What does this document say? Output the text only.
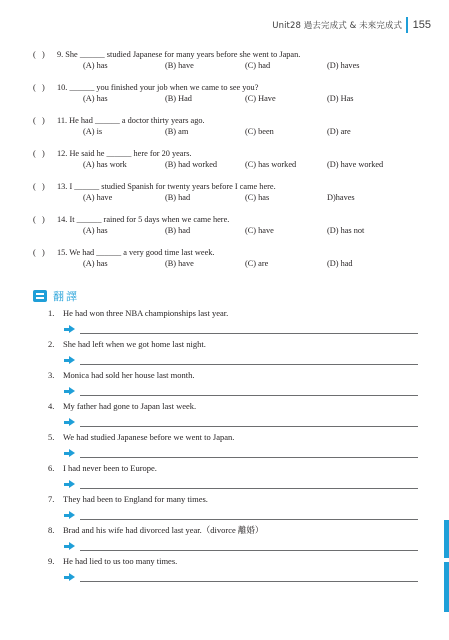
Unit28 過去完成式 & 未來完成式 155
(   )	9. She ______ studied Japanese for many years before she went to Japan.
(A) has	(B) have	(C) had	(D) haves
(   )	10. ______ you finished your job when we came to see you?
(A) has	(B) Had	(C) Have	(D) Has
(   )	11. He had ______ a doctor thirty years ago.
(A) is	(B) am	(C) been	(D) are
(   )	12. He said he ______ here for 20 years.
(A) has work	(B) had worked	(C) has worked	(D) have worked
(   )	13. I ______ studied Spanish for twenty years before I came here.
(A) have	(B) had	(C) has	D)haves
(   )	14. It ______ rained for 5 days when we came here.
(A) has	(B) had	(C) have	(D) has not
(   )	15. We had ______ a very good time last week.
(A) has	(B) have	(C) are	(D) had
翻譯
1. He had won three NBA championships last year.
2. She had left when we got home last night.
3. Monica had sold her house last month.
4. My father had gone to Japan last week.
5. We had studied Japanese before we went to Japan.
6. I had never been to Europe.
7. They had been to England for many times.
8. Brad and his wife had divorced last year.（divorce 離婚）
9. He had lied to us too many times.
